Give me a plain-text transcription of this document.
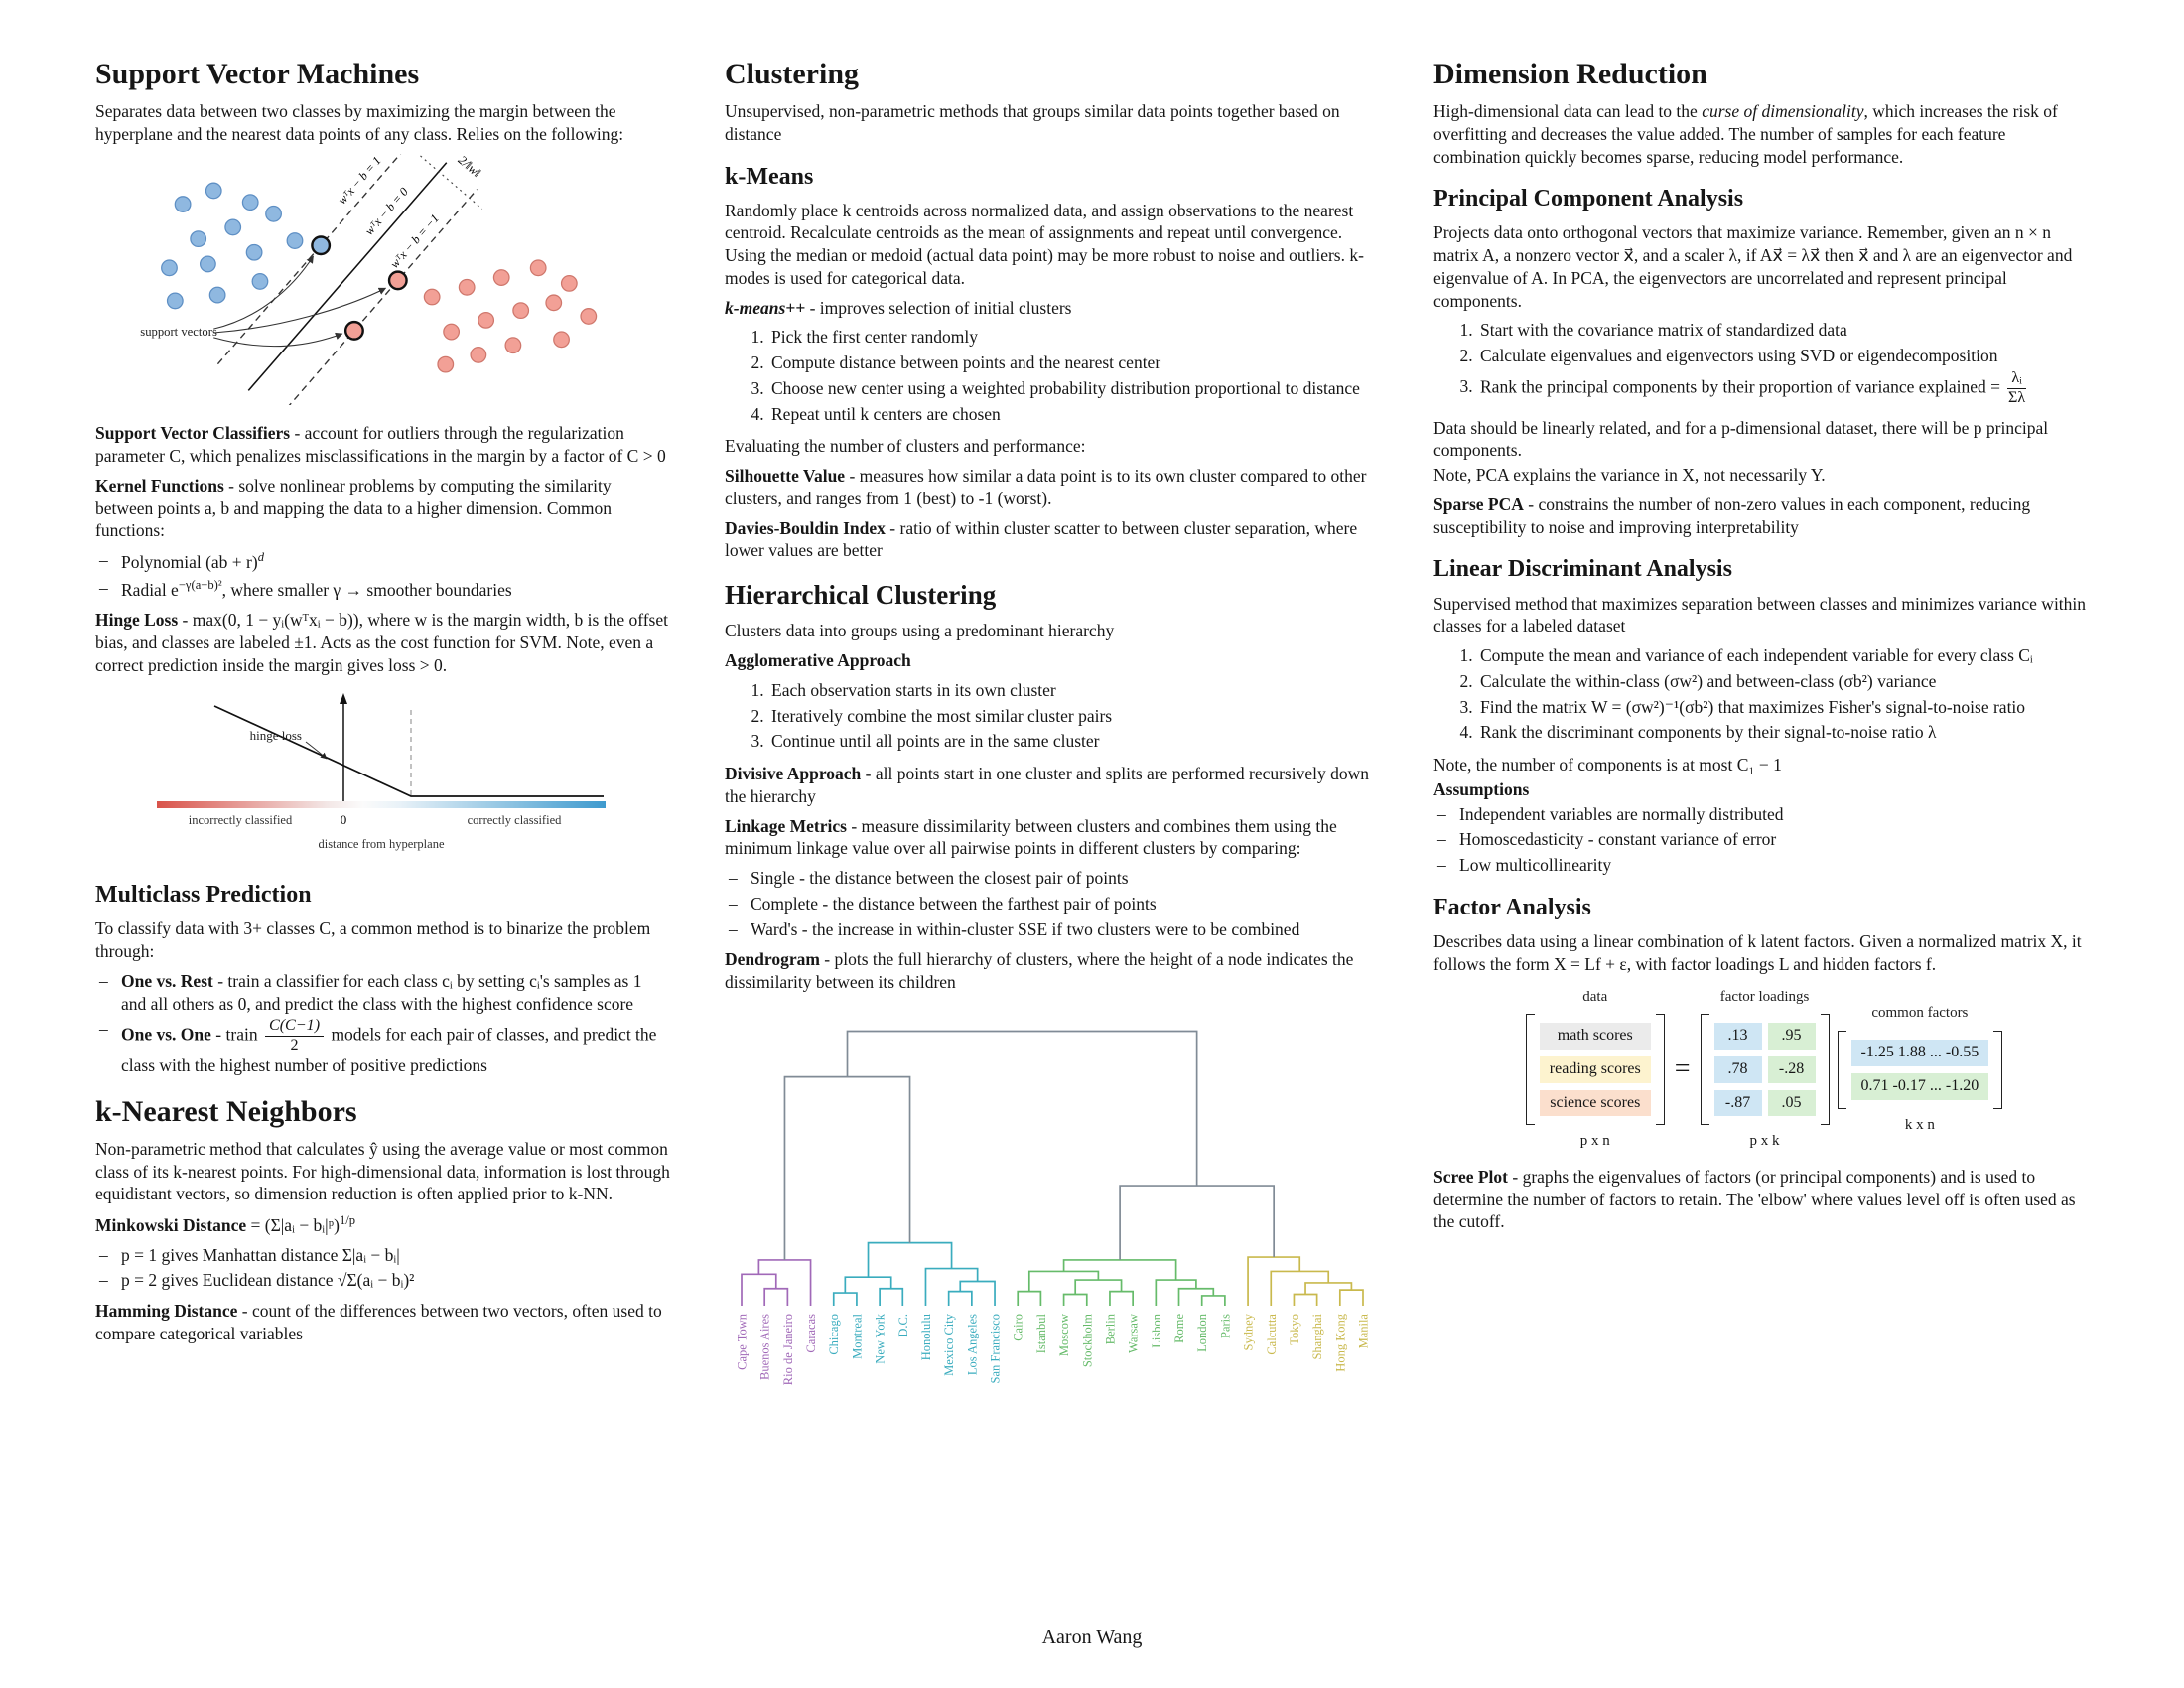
Support Vector Machines

Separates data between two classes by maximizing the margin between the hyperplane and the nearest data points of any class. Relies on the following:

2/‖w‖
wᵀx − b = 1
wᵀx − b = 0
wᵀx − b = −1
support vectors

Support Vector Classifiers - account for outliers through the regularization parameter C, which penalizes misclassifications in the margin by a factor of C > 0

Kernel Functions - solve nonlinear problems by computing the similarity between points a, b and mapping the data to a higher dimension. Common functions:

– Polynomial (ab + r)$^d$
– Radial $e^{-\gamma(a-b)^2}$, where smaller γ → smoother boundaries

Hinge Loss - max(0, 1 − yᵢ(wᵀxᵢ − b)), where w is the margin width, b is the offset bias, and classes are labeled ±1. Acts as the cost function for SVM. Note, even a correct prediction inside the margin gives loss > 0.

hinge loss
0
incorrectly classified	correctly classified
distance from hyperplane
Multiclass Prediction

To classify data with 3+ classes C, a common method is to binarize the problem through:

– One vs. Rest - train a classifier for each class cᵢ by setting cᵢ's samples as 1 and all others as 0, and predict the class with the highest confidence score
– One vs. One - train $\frac{C(C-1)}{2}$ models for each pair of classes, and predict the class with the highest number of positive predictions
k-Nearest Neighbors

Non-parametric method that calculates ŷ using the average value or most common class of its k-nearest points. For high-dimensional data, information is lost through equidistant vectors, so dimension reduction is often applied prior to k-NN.

Minkowski Distance = (Σ|aᵢ − bᵢ|ᵖ)$^{1/p}$

– p = 1 gives Manhattan distance Σ|aᵢ − bᵢ|
– p = 2 gives Euclidean distance √Σ(aᵢ − bᵢ)²

Hamming Distance - count of the differences between two vectors, often used to compare categorical variables

Clustering

Unsupervised, non-parametric methods that groups similar data points together based on distance

k-Means

Randomly place k centroids across normalized data, and assign observations to the nearest centroid. Recalculate centroids as the mean of assignments and repeat until convergence. Using the median or medoid (actual data point) may be more robust to noise and outliers. k-modes is used for categorical data.

k-means++ - improves selection of initial clusters

1. Pick the first center randomly
2. Compute distance between points and the nearest center
3. Choose new center using a weighted probability distribution proportional to distance
4. Repeat until k centers are chosen

Evaluating the number of clusters and performance:

Silhouette Value - measures how similar a data point is to its own cluster compared to other clusters, and ranges from 1 (best) to -1 (worst).

Davies-Bouldin Index - ratio of within cluster scatter to between cluster separation, where lower values are better

Hierarchical Clustering

Clusters data into groups using a predominant hierarchy

Agglomerative Approach

1. Each observation starts in its own cluster
2. Iteratively combine the most similar cluster pairs
3. Continue until all points are in the same cluster

Divisive Approach - all points start in one cluster and splits are performed recursively down the hierarchy

Linkage Metrics - measure dissimilarity between clusters and combines them using the minimum linkage value over all pairwise points in different clusters by comparing:

– Single - the distance between the closest pair of points
– Complete - the distance between the farthest pair of points
– Ward's - the increase in within-cluster SSE if two clusters were to be combined

Dendrogram - plots the full hierarchy of clusters, where the height of a node indicates the dissimilarity between its children

Cape Town Buenos Aires Rio de Janeiro Caracas Chicago Montreal New York D.C. Honolulu Mexico City Los Angeles San Francisco Cairo Istanbul Moscow Stockholm Berlin Warsaw Lisbon Rome London Paris Sydney Calcutta Tokyo Shanghai Hong Kong Manila
Dimension Reduction

High-dimensional data can lead to the curse of dimensionality, which increases the risk of overfitting and decreases the value added. The number of samples for each feature combination quickly becomes sparse, reducing model performance.

Principal Component Analysis

Projects data onto orthogonal vectors that maximize variance. Remember, given an n × n matrix A, a nonzero vector x⃗, and a scaler λ, if Ax⃗ = λx⃗ then x⃗ and λ are an eigenvector and eigenvalue of A. In PCA, the eigenvectors are uncorrelated and represent principal components.

1. Start with the covariance matrix of standardized data
2. Calculate eigenvalues and eigenvectors using SVD or eigendecomposition
3. Rank the principal components by their proportion of variance explained = $\frac{\text{λᵢ}}{\Sigma\lambda}$

Data should be linearly related, and for a p-dimensional dataset, there will be p principal components.

Note, PCA explains the variance in X, not necessarily Y.

Sparse PCA - constrains the number of non-zero values in each component, reducing susceptibility to noise and improving interpretability

Linear Discriminant Analysis

Supervised method that maximizes separation between classes and minimizes variance within classes for a labeled dataset

1. Compute the mean and variance of each independent variable for every class Cᵢ
2. Calculate the within-class (σw²) and between-class (σb²) variance
3. Find the matrix W = (σw²)⁻¹(σb²) that maximizes Fisher's signal-to-noise ratio
4. Rank the discriminant components by their signal-to-noise ratio λ

Note, the number of components is at most C₁ − 1

Assumptions

– Independent variables are normally distributed
– Homoscedasticity - constant variance of error
– Low multicollinearity
Factor Analysis

Describes data using a linear combination of k latent factors. Given a normalized matrix X, it follows the form X = Lf + ε, with factor loadings L and hidden factors f.

data
math scores
reading scores
science scores
p x n
=
factor loadings
.13	.95
.78	-.28
-.87	.05
p x k
common factors
-1.25 1.88 ... -0.55
0.71 -0.17 ... -1.20
k x n

Scree Plot - graphs the eigenvalues of factors (or principal components) and is used to determine the number of factors to retain. The 'elbow' where values level off is often used as the cutoff.

Aaron Wang
